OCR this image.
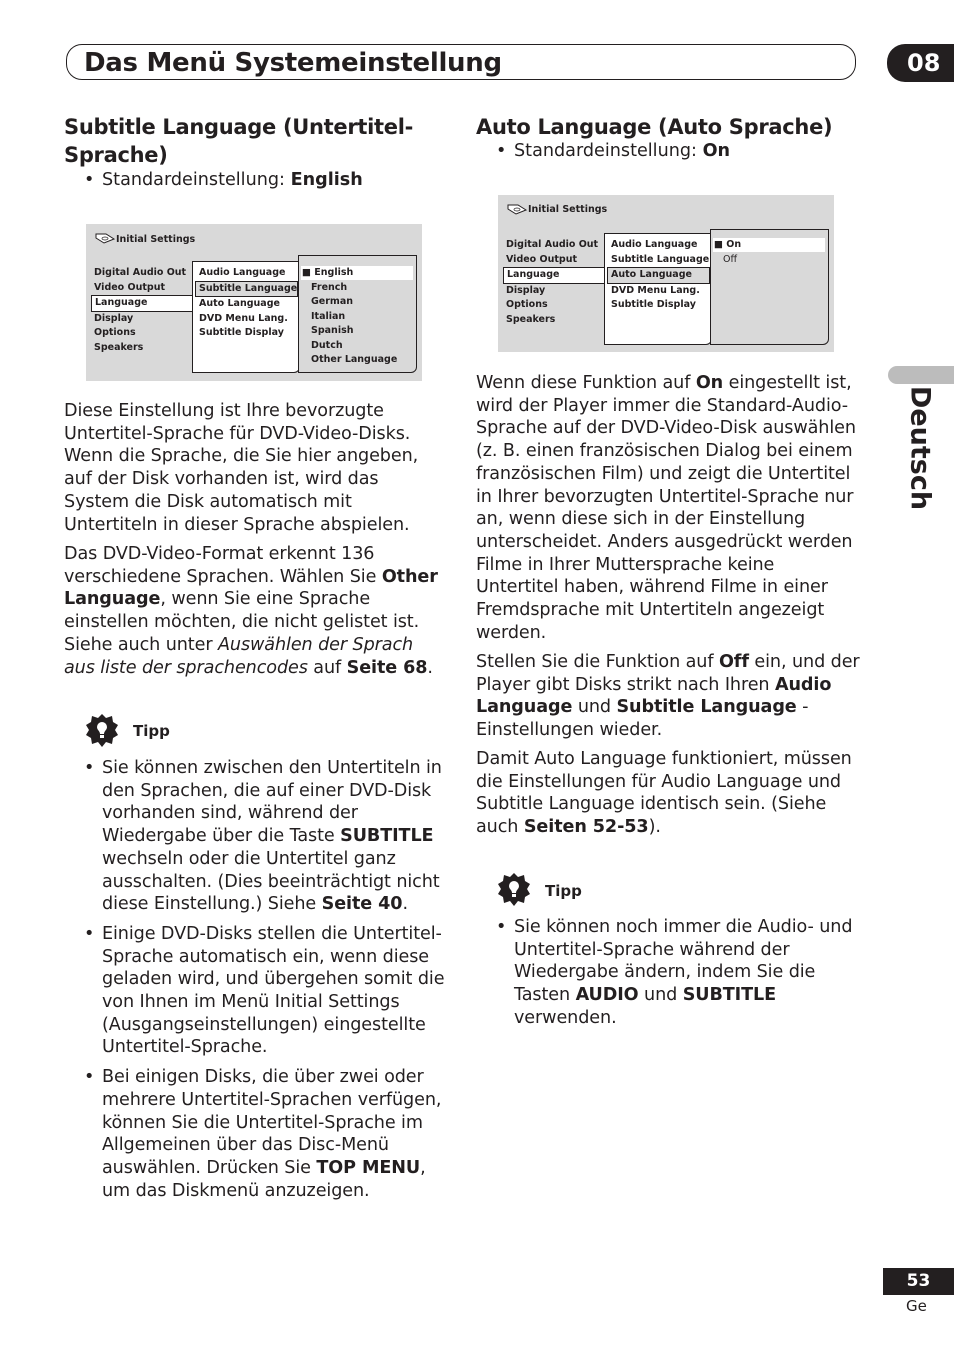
Das Menü Systemeinstellung	08
Deutsch
Subtitle Language (Untertitel-
Sprache)
• Standardeinstellung: English
Initial Settings
Digital Audio Out
Video Output
Language
Display
Options
Speakers
Audio Language
Subtitle Language
Auto Language
DVD Menu Lang.
Subtitle Display
■ English
French
German
Italian
Spanish
Dutch
Other Language

Diese Einstellung ist Ihre bevorzugte Untertitel-Sprache für DVD-Video-Disks. Wenn die Sprache, die Sie hier angeben, auf der Disk vorhanden ist, wird das System die Disk automatisch mit Untertiteln in dieser Sprache abspielen.

Das DVD-Video-Format erkennt 136 verschiedene Sprachen. Wählen Sie Other Language, wenn Sie eine Sprache einstellen möchten, die nicht gelistet ist. Siehe auch unter Auswählen der Sprach aus liste der sprachencodes auf Seite 68.

Tipp
• Sie können zwischen den Untertiteln in den Sprachen, die auf einer DVD-Disk vorhanden sind, während der Wiedergabe über die Taste SUBTITLE wechseln oder die Untertitel ganz ausschalten. (Dies beeinträchtigt nicht diese Einstellung.) Siehe Seite 40.
• Einige DVD-Disks stellen die Untertitel-Sprache automatisch ein, wenn diese geladen wird, und übergehen somit die von Ihnen im Menü Initial Settings (Ausgangseinstellungen) eingestellte Untertitel-Sprache.
• Bei einigen Disks, die über zwei oder mehrere Untertitel-Sprachen verfügen, können Sie die Untertitel-Sprache im Allgemeinen über das Disc-Menü auswählen. Drücken Sie TOP MENU, um das Diskmenü anzuzeigen.
Auto Language (Auto Sprache)
• Standardeinstellung: On
Initial Settings
Digital Audio Out
Video Output
Language
Display
Options
Speakers
Audio Language
Subtitle Language
Auto Language
DVD Menu Lang.
Subtitle Display
■ On
Off

Wenn diese Funktion auf On eingestellt ist, wird der Player immer die Standard-Audio-Sprache auf der DVD-Video-Disk auswählen (z. B. einen französischen Dialog bei einem französischen Film) und zeigt die Untertitel in Ihrer bevorzugten Untertitel-Sprache nur an, wenn diese sich in der Einstellung unterscheidet. Anders ausgedrückt werden Filme in Ihrer Muttersprache keine Untertitel haben, während Filme in einer Fremdsprache mit Untertiteln angezeigt werden.

Stellen Sie die Funktion auf Off ein, und der Player gibt Disks strikt nach Ihren Audio Language und Subtitle Language - Einstellungen wieder.

Damit Auto Language funktioniert, müssen die Einstellungen für Audio Language und Subtitle Language identisch sein. (Siehe auch Seiten 52-53).

Tipp
• Sie können noch immer die Audio- und Untertitel-Sprache während der Wiedergabe ändern, indem Sie die Tasten AUDIO und SUBTITLE verwenden.
53
Ge
